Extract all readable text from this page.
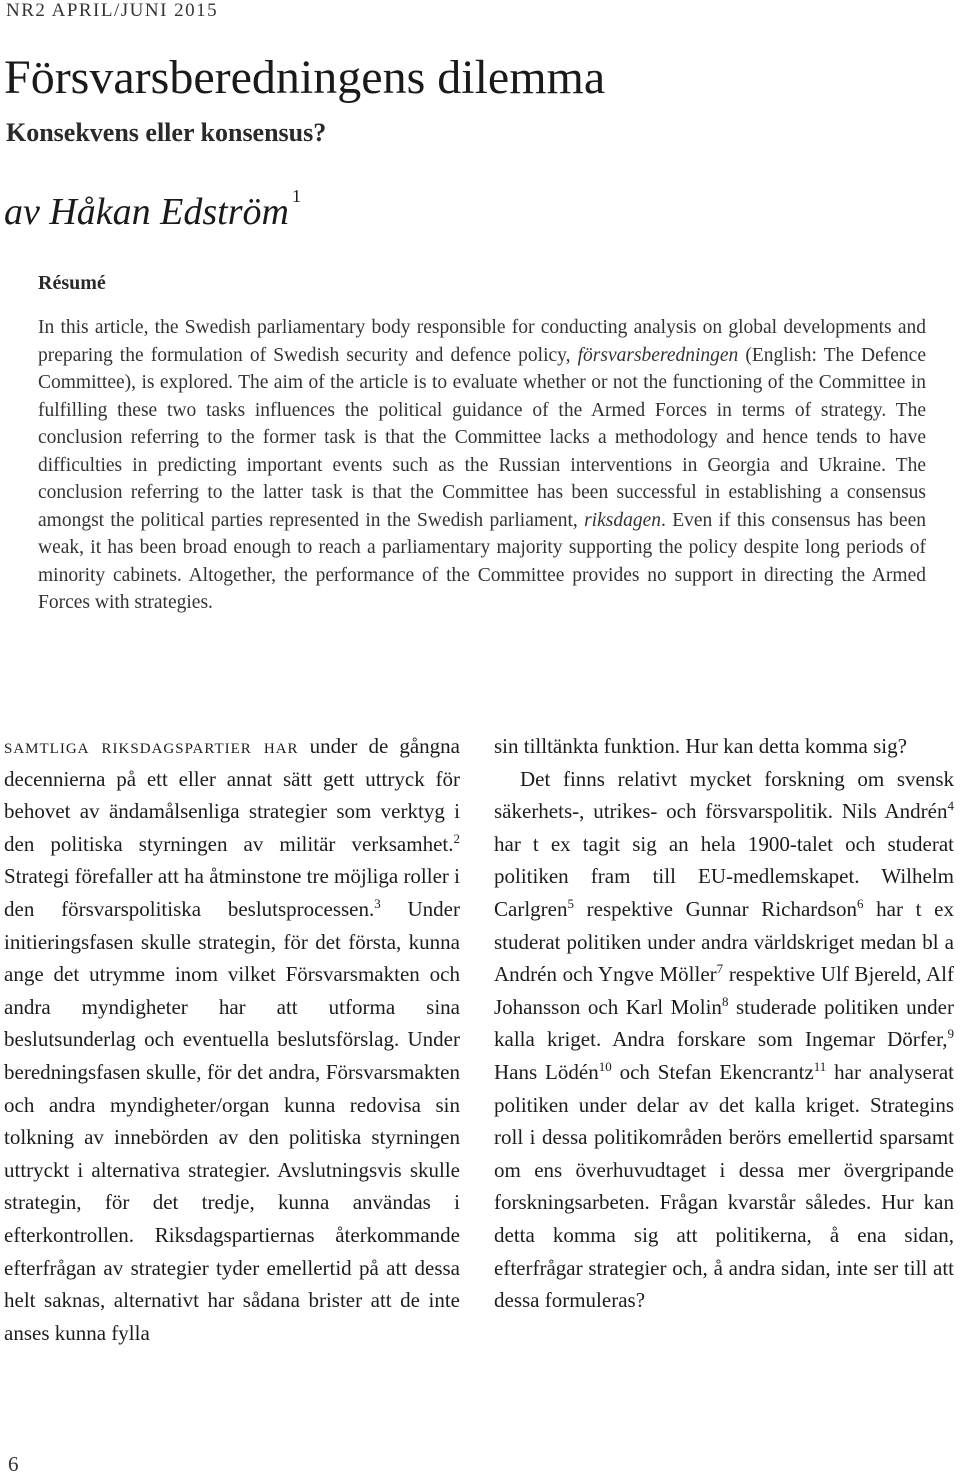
NR2 APRIL/JUNI 2015
Försvarsberedningens dilemma
Konsekvens eller konsensus?
av Håkan Edström $^1$
Résumé
In this article, the Swedish parliamentary body responsible for conducting analysis on global developments and preparing the formulation of Swedish security and defence policy, försvarsberedningen (English: The Defence Committee), is explored. The aim of the article is to evaluate whether or not the functioning of the Committee in fulfilling these two tasks influences the political guidance of the Armed Forces in terms of strategy. The conclusion referring to the former task is that the Committee lacks a methodology and hence tends to have difficulties in predicting important events such as the Russian interventions in Georgia and Ukraine. The conclusion referring to the latter task is that the Committee has been successful in establishing a consensus amongst the political parties represented in the Swedish parliament, riksdagen. Even if this consensus has been weak, it has been broad enough to reach a parliamentary majority supporting the policy despite long periods of minority cabinets. Altogether, the performance of the Committee provides no support in directing the Armed Forces with strategies.

samtliga riksdagspartier har under de gångna decennierna på ett eller annat sätt gett uttryck för behovet av ändamålsenliga strategier som verktyg i den politiska styrningen av militär verksamhet.$^2$ Strategi förefaller att ha åtminstone tre möjliga roller i den försvarspolitiska beslutsprocessen.$^3$ Under initieringsfasen skulle strategin, för det första, kunna ange det utrymme inom vilket Försvarsmakten och andra myndigheter har att utforma sina beslutsunderlag och eventuella beslutsförslag. Under beredningsfasen skulle, för det andra, Försvarsmakten och andra myndigheter/organ kunna redovisa sin tolkning av innebörden av den politiska styrningen uttryckt i alternativa strategier. Avslutningsvis skulle strategin, för det tredje, kunna användas i efterkontrollen. Riksdagspartiernas återkommande efterfrågan av strategier tyder emellertid på att dessa helt saknas, alternativt har sådana brister att de inte anses kunna fylla

sin tilltänkta funktion. Hur kan detta komma sig?

Det finns relativt mycket forskning om svensk säkerhets-, utrikes- och försvarspolitik. Nils Andrén$^4$ har t ex tagit sig an hela 1900-talet och studerat politiken fram till EU-medlemskapet. Wilhelm Carlgren$^5$ respektive Gunnar Richardson$^6$ har t ex studerat politiken under andra världskriget medan bl a Andrén och Yngve Möller$^7$ respektive Ulf Bjereld, Alf Johansson och Karl Molin$^8$ studerade politiken under kalla kriget. Andra forskare som Ingemar Dörfer,$^9$ Hans Lödén$^{10}$ och Stefan Ekencrantz$^{11}$ har analyserat politiken under delar av det kalla kriget. Strategins roll i dessa politikområden berörs emellertid sparsamt om ens överhuvudtaget i dessa mer övergripande forskningsarbeten. Frågan kvarstår således. Hur kan detta komma sig att politikerna, å ena sidan, efterfrågar strategier och, å andra sidan, inte ser till att dessa formuleras?

6
